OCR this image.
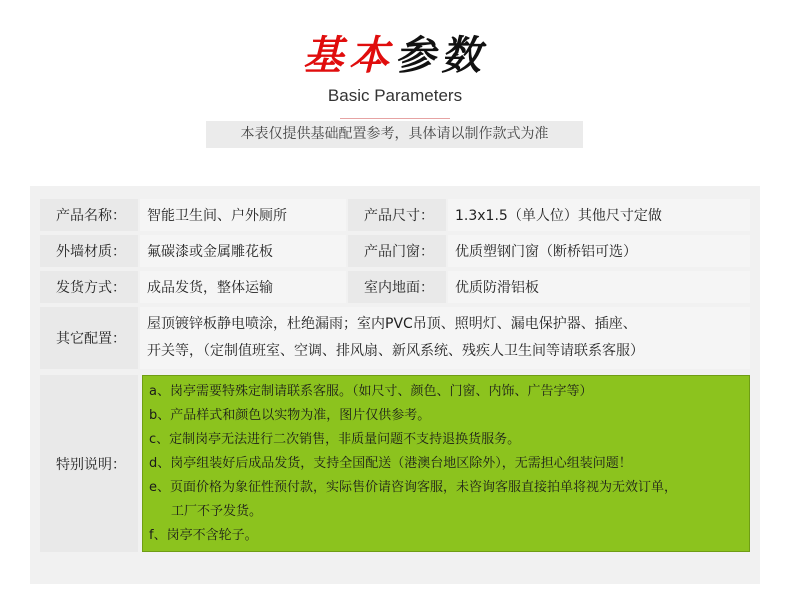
基本参数
Basic Parameters
本表仅提供基础配置参考，具体请以制作款式为准
产品名称：	智能卫生间、户外厕所	产品尺寸：	1.3x1.5（单人位）其他尺寸定做
外墙材质：	氟碳漆或金属雕花板	产品门窗：	优质塑钢门窗（断桥铝可选）
发货方式：	成品发货，整体运输	室内地面：	优质防滑铝板
其它配置：
屋顶镀锌板静电喷涂，杜绝漏雨；室内PVC吊顶、照明灯、漏电保护器、插座、
开关等，（定制值班室、空调、排风扇、新风系统、残疾人卫生间等请联系客服）
特别说明：
a、岗亭需要特殊定制请联系客服。（如尺寸、颜色、门窗、内饰、广告字等）
b、产品样式和颜色以实物为准，图片仅供参考。
c、定制岗亭无法进行二次销售，非质量问题不支持退换货服务。
d、岗亭组装好后成品发货，支持全国配送（港澳台地区除外），无需担心组装问题！
e、页面价格为象征性预付款，实际售价请咨询客服，未咨询客服直接拍单将视为无效订单，
工厂不予发货。
f、岗亭不含轮子。
